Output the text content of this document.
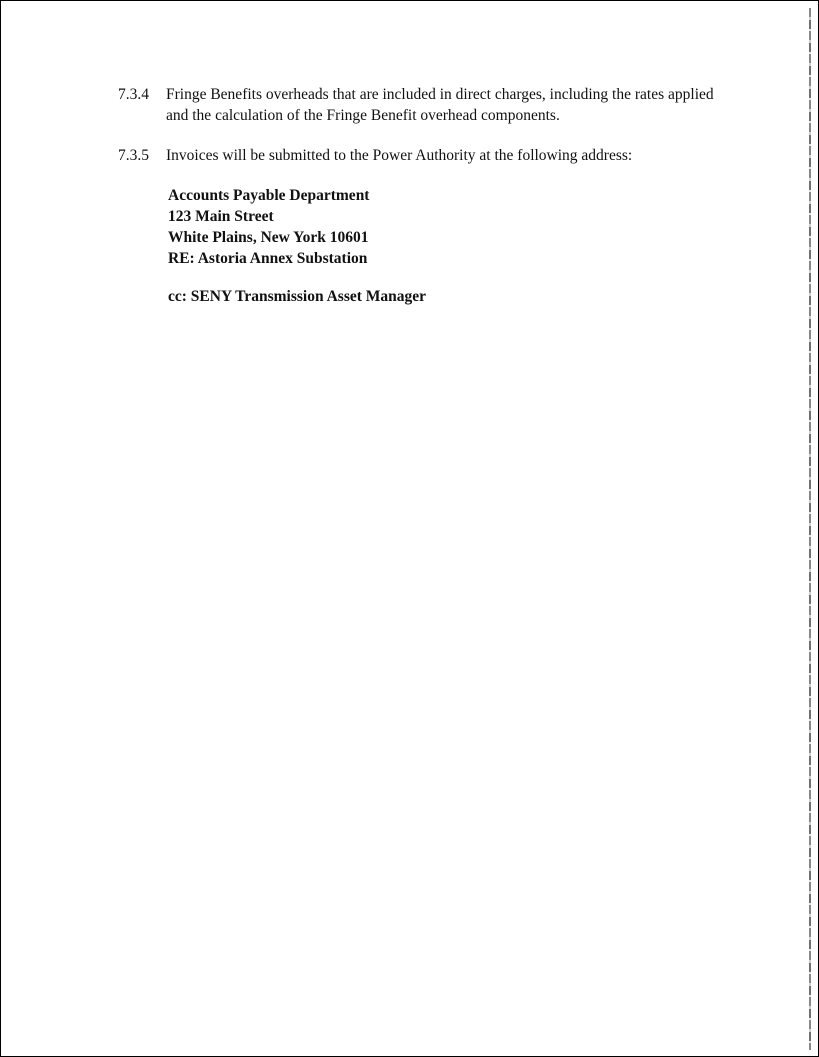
7.3.4 Fringe Benefits overheads that are included in direct charges, including the rates applied and the calculation of the Fringe Benefit overhead components.
7.3.5 Invoices will be submitted to the Power Authority at the following address:
Accounts Payable Department
123 Main Street
White Plains, New York 10601
RE: Astoria Annex Substation
cc: SENY Transmission Asset Manager
